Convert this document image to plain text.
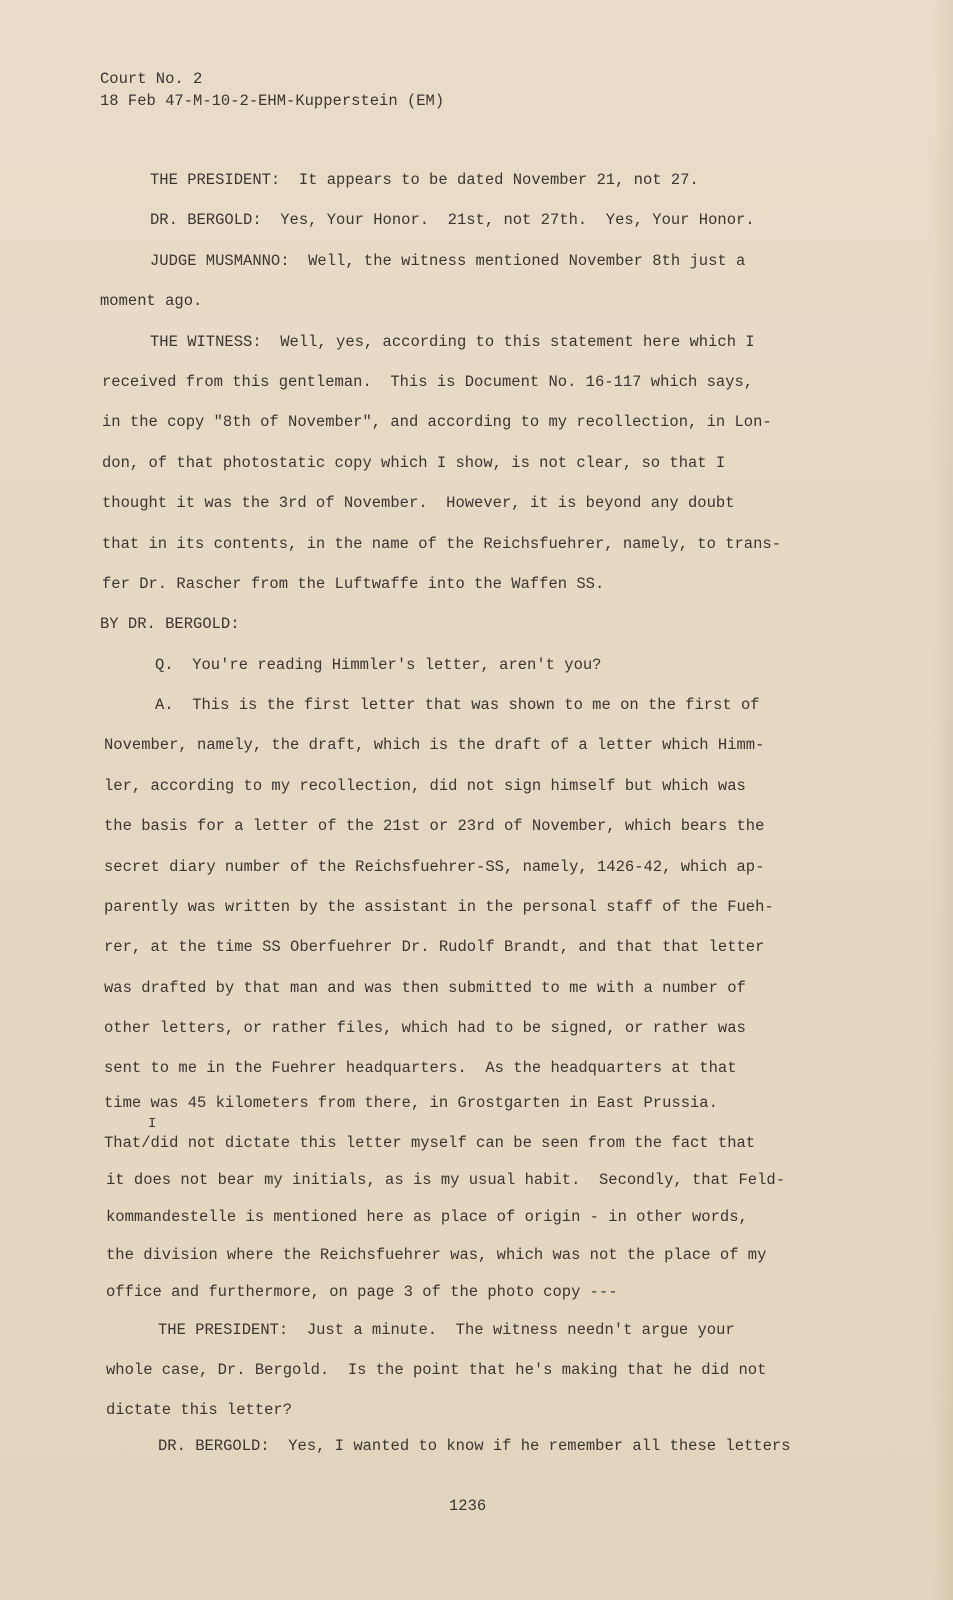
Court No. 2
18 Feb 47-M-10-2-EHM-Kupperstein (EM)
THE PRESIDENT:  It appears to be dated November 21, not 27.
DR. BERGOLD:  Yes, Your Honor.  21st, not 27th.  Yes, Your Honor.
JUDGE MUSMANNO:  Well, the witness mentioned November 8th just a
moment ago.
THE WITNESS:  Well, yes, according to this statement here which I
received from this gentleman.  This is Document No. 16-117 which says,
in the copy "8th of November", and according to my recollection, in Lon-
don, of that photostatic copy which I show, is not clear, so that I
thought it was the 3rd of November.  However, it is beyond any doubt
that in its contents, in the name of the Reichsfuehrer, namely, to trans-
fer Dr. Rascher from the Luftwaffe into the Waffen SS.
BY DR. BERGOLD:
Q.  You're reading Himmler's letter, aren't you?
A.  This is the first letter that was shown to me on the first of
November, namely, the draft, which is the draft of a letter which Himm-
ler, according to my recollection, did not sign himself but which was
the basis for a letter of the 21st or 23rd of November, which bears the
secret diary number of the Reichsfuehrer-SS, namely, 1426-42, which ap-
parently was written by the assistant in the personal staff of the Fueh-
rer, at the time SS Oberfuehrer Dr. Rudolf Brandt, and that that letter
was drafted by that man and was then submitted to me with a number of
other letters, or rather files, which had to be signed, or rather was
sent to me in the Fuehrer headquarters.  As the headquarters at that
time was 45 kilometers from there, in Grostgarten in East Prussia.
I
That/did not dictate this letter myself can be seen from the fact that
it does not bear my initials, as is my usual habit.  Secondly, that Feld-
kommandestelle is mentioned here as place of origin - in other words,
the division where the Reichsfuehrer was, which was not the place of my
office and furthermore, on page 3 of the photo copy ---
THE PRESIDENT:  Just a minute.  The witness needn't argue your
whole case, Dr. Bergold.  Is the point that he's making that he did not
dictate this letter?
DR. BERGOLD:  Yes, I wanted to know if he remember all these letters
1236
